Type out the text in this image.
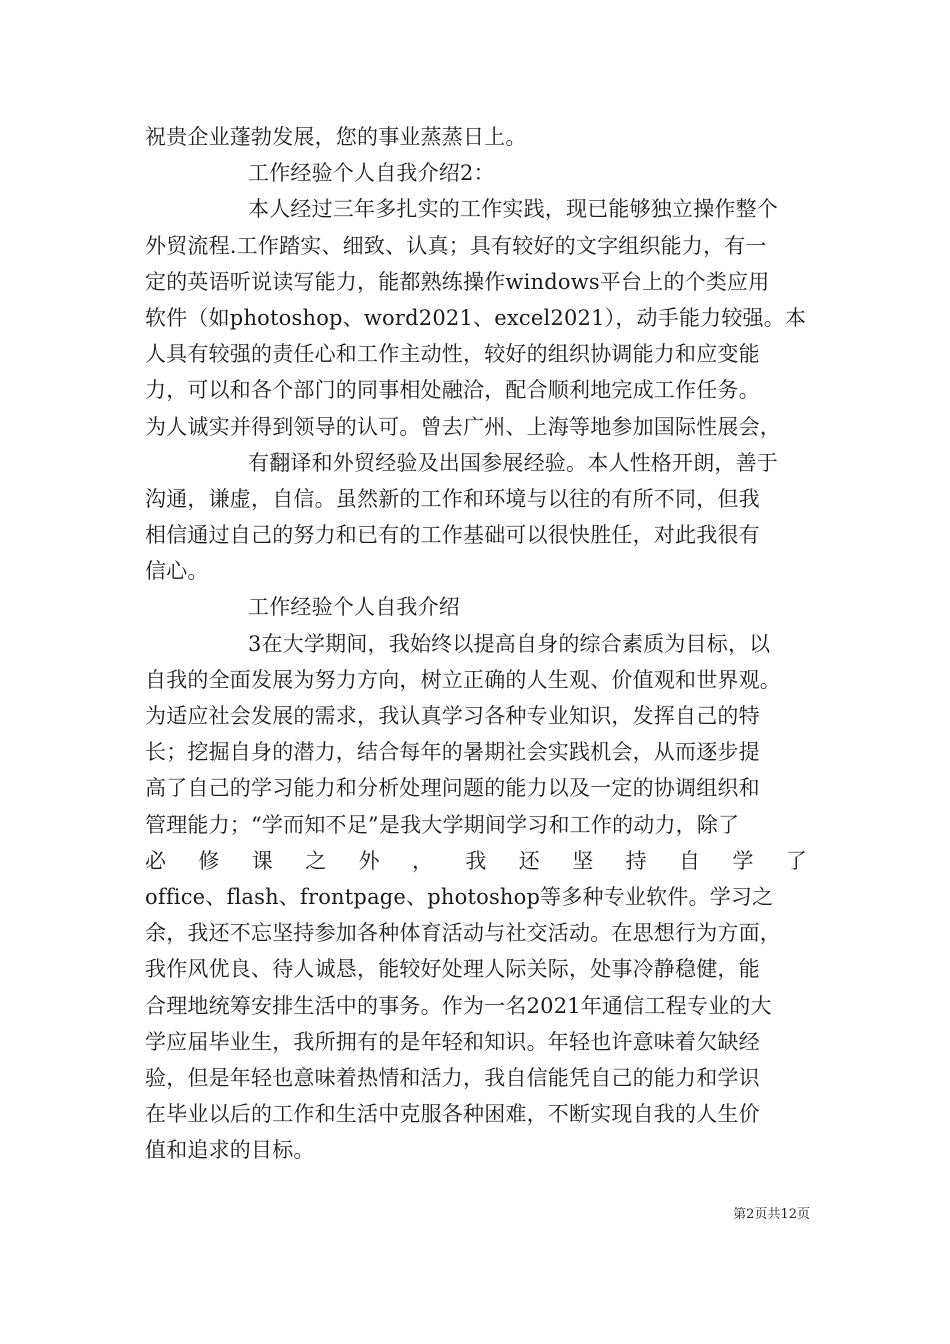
祝贵企业蓬勃发展，您的事业蒸蒸日上。
工作经验个人自我介绍2：
本人经过三年多扎实的工作实践，现已能够独立操作整个
外贸流程.工作踏实、细致、认真；具有较好的文字组织能力，有一
定的英语听说读写能力，能都熟练操作windows平台上的个类应用
软件（如photoshop、word2021、excel2021），动手能力较强。本
人具有较强的责任心和工作主动性，较好的组织协调能力和应变能
力，可以和各个部门的同事相处融洽，配合顺利地完成工作任务。
为人诚实并得到领导的认可。曾去广州、上海等地参加国际性展会，
有翻译和外贸经验及出国参展经验。本人性格开朗，善于
沟通，谦虚，自信。虽然新的工作和环境与以往的有所不同，但我
相信通过自己的努力和已有的工作基础可以很快胜任，对此我很有
信心。
工作经验个人自我介绍
3在大学期间，我始终以提高自身的综合素质为目标，以
自我的全面发展为努力方向，树立正确的人生观、价值观和世界观。
为适应社会发展的需求，我认真学习各种专业知识，发挥自己的特
长；挖掘自身的潜力，结合每年的暑期社会实践机会，从而逐步提
高了自己的学习能力和分析处理问题的能力以及一定的协调组织和
管理能力；“学而知不足”是我大学期间学习和工作的动力，除了
必修课之外，我还坚持自学了
office、flash、frontpage、photoshop等多种专业软件。学习之
余，我还不忘坚持参加各种体育活动与社交活动。在思想行为方面，
我作风优良、待人诚恳，能较好处理人际关际，处事冷静稳健，能
合理地统筹安排生活中的事务。作为一名2021年通信工程专业的大
学应届毕业生，我所拥有的是年轻和知识。年轻也许意味着欠缺经
验，但是年轻也意味着热情和活力，我自信能凭自己的能力和学识
在毕业以后的工作和生活中克服各种困难，不断实现自我的人生价
值和追求的目标。
第2页共12页
